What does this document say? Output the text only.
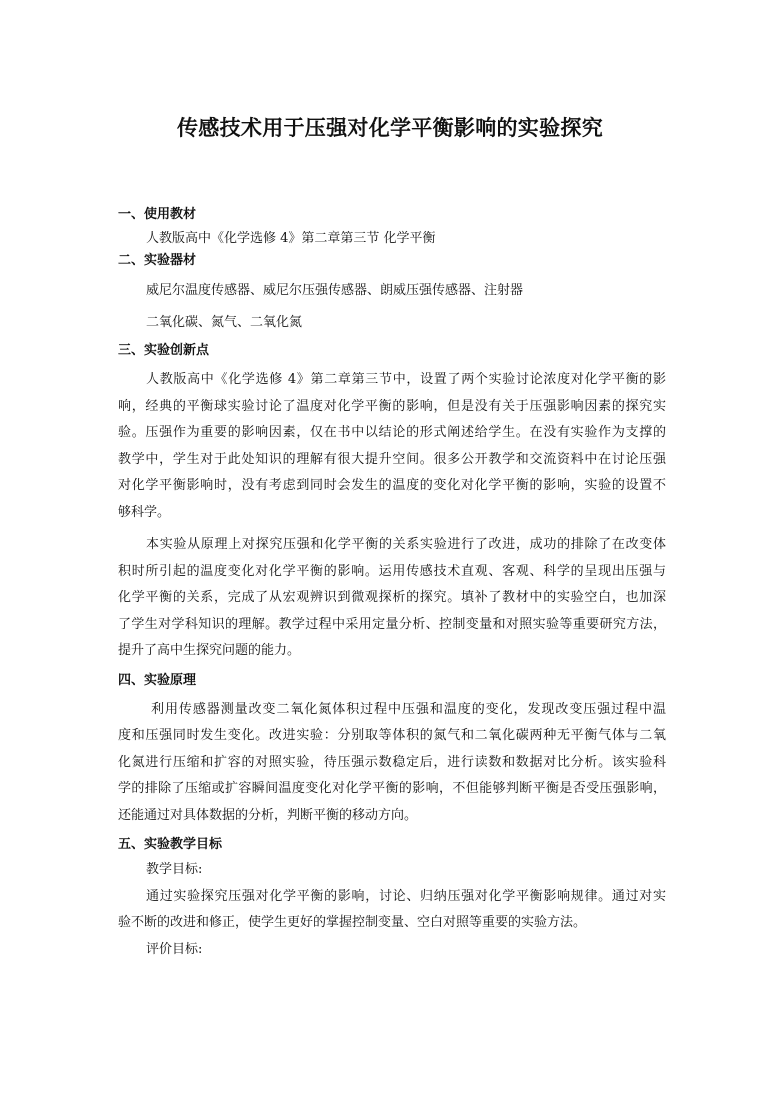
传感技术用于压强对化学平衡影响的实验探究

一、使用教材

人教版高中《化学选修 4》第二章第三节 化学平衡

二、实验器材

威尼尔温度传感器、威尼尔压强传感器、朗威压强传感器、注射器

二氧化碳、氮气、二氧化氮

三、实验创新点

人教版高中《化学选修 4》第二章第三节中，设置了两个实验讨论浓度对化学平衡的影

响，经典的平衡球实验讨论了温度对化学平衡的影响，但是没有关于压强影响因素的探究实

验。压强作为重要的影响因素，仅在书中以结论的形式阐述给学生。在没有实验作为支撑的

教学中，学生对于此处知识的理解有很大提升空间。很多公开教学和交流资料中在讨论压强

对化学平衡影响时，没有考虑到同时会发生的温度的变化对化学平衡的影响，实验的设置不

够科学。

本实验从原理上对探究压强和化学平衡的关系实验进行了改进，成功的排除了在改变体

积时所引起的温度变化对化学平衡的影响。运用传感技术直观、客观、科学的呈现出压强与

化学平衡的关系，完成了从宏观辨识到微观探析的探究。填补了教材中的实验空白，也加深

了学生对学科知识的理解。教学过程中采用定量分析、控制变量和对照实验等重要研究方法，

提升了高中生探究问题的能力。

四、实验原理

利用传感器测量改变二氧化氮体积过程中压强和温度的变化，发现改变压强过程中温

度和压强同时发生变化。改进实验：分别取等体积的氮气和二氧化碳两种无平衡气体与二氧

化氮进行压缩和扩容的对照实验，待压强示数稳定后，进行读数和数据对比分析。该实验科

学的排除了压缩或扩容瞬间温度变化对化学平衡的影响，不但能够判断平衡是否受压强影响，

还能通过对具体数据的分析，判断平衡的移动方向。

五、实验教学目标

教学目标:

通过实验探究压强对化学平衡的影响，讨论、归纳压强对化学平衡影响规律。通过对实

验不断的改进和修正，使学生更好的掌握控制变量、空白对照等重要的实验方法。

评价目标:
